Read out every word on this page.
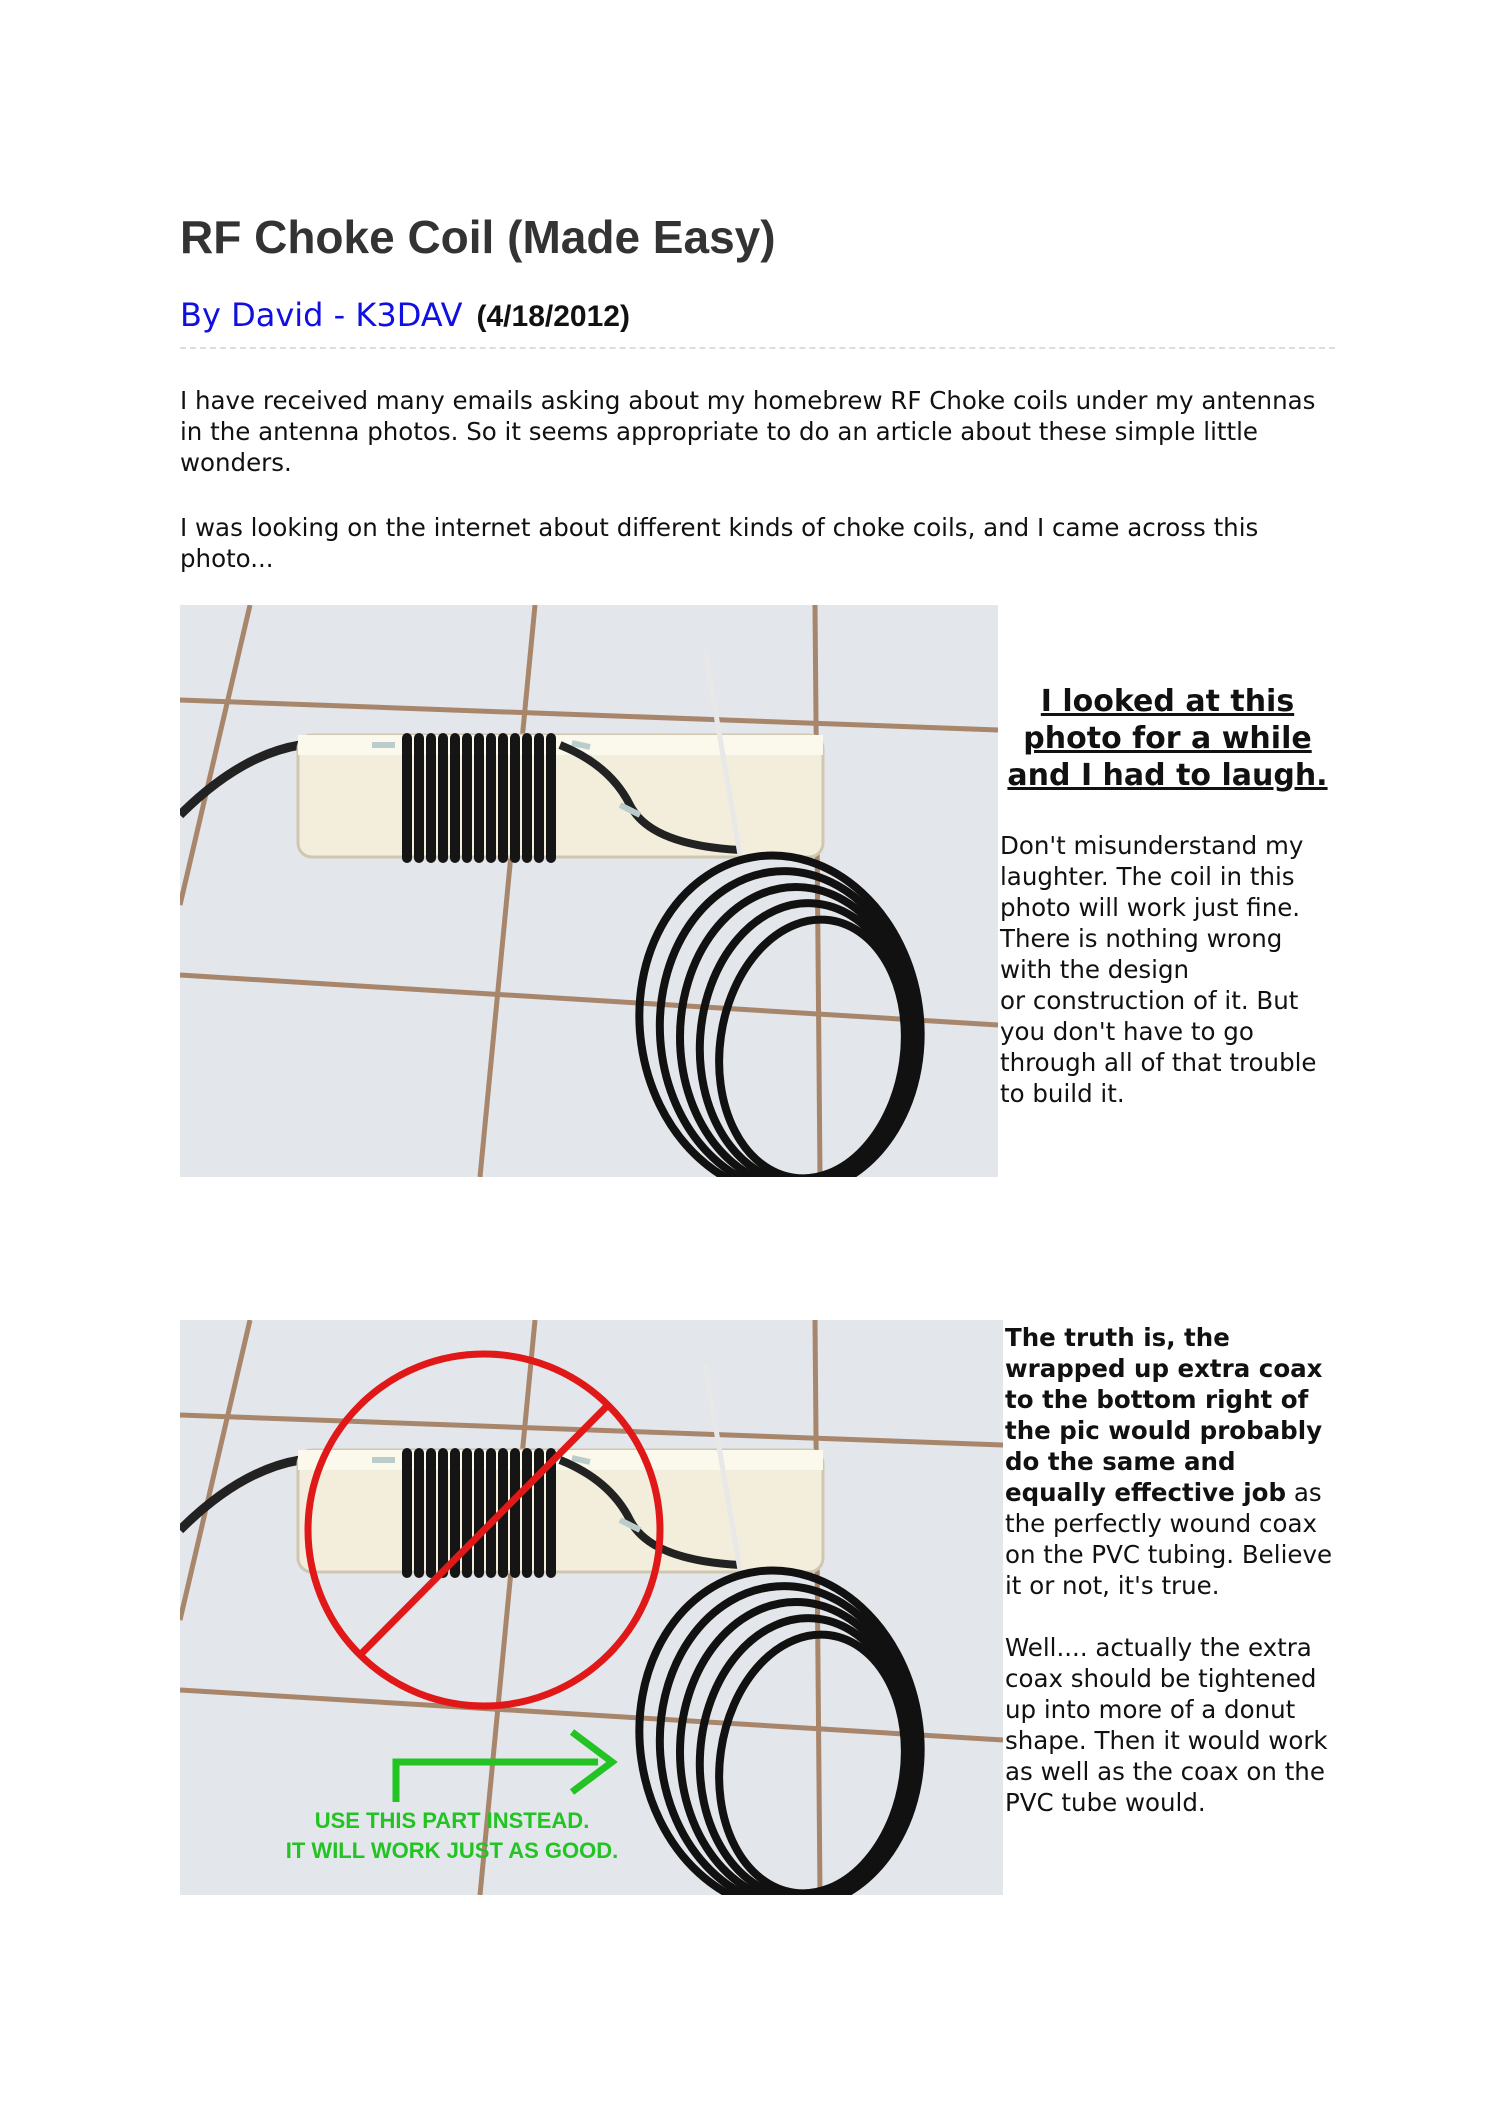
RF Choke Coil (Made Easy)
By David - K3DAV (4/18/2012)

I have received many emails asking about my homebrew RF Choke coils under my antennas in the antenna photos. So it seems appropriate to do an article about these simple little wonders.

I was looking on the internet about different kinds of choke coils, and I came across this photo...

I looked at this photo for a while and I had to laugh.

Don't misunderstand my laughter. The coil in this photo will work just fine. There is nothing wrong with the design
or construction of it. But you don't have to go through all of that trouble to build it.

USE THIS PART INSTEAD.
IT WILL WORK JUST AS GOOD.

The truth is, the wrapped up extra coax to the bottom right of the pic would probably do the same and equally effective job as the perfectly wound coax on the PVC tubing. Believe it or not, it's true.

Well.... actually the extra coax should be tightened up into more of a donut shape. Then it would work as well as the coax on the PVC tube would.
